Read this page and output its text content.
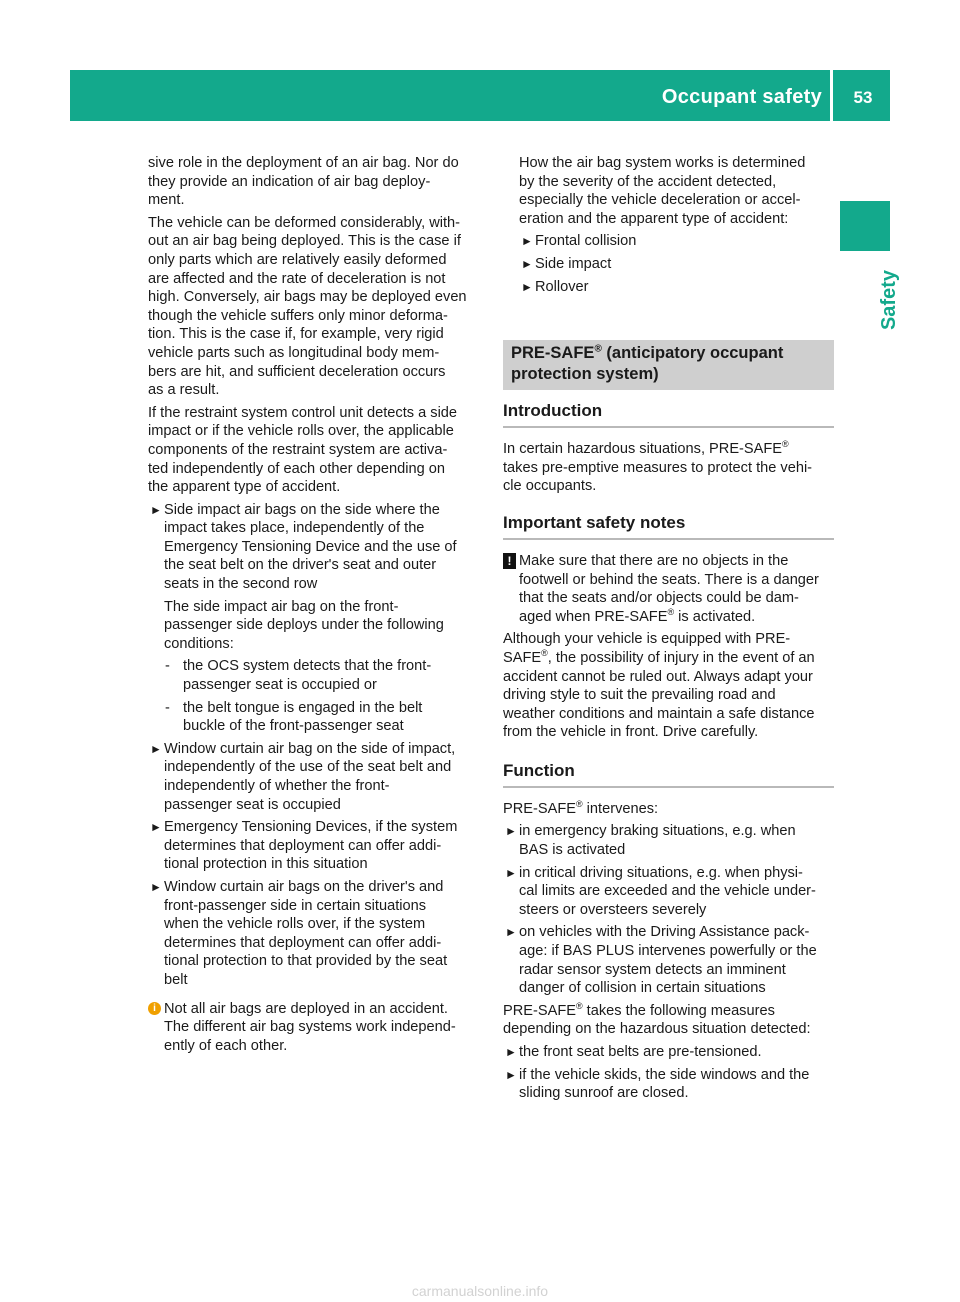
Occupant safety	53
Safety
sive role in the deployment of an air bag. Nor do
they provide an indication of air bag deploy-
ment.
The vehicle can be deformed considerably, with-
out an air bag being deployed. This is the case if
only parts which are relatively easily deformed
are affected and the rate of deceleration is not
high. Conversely, air bags may be deployed even
though the vehicle suffers only minor deforma-
tion. This is the case if, for example, very rigid
vehicle parts such as longitudinal body mem-
bers are hit, and sufficient deceleration occurs
as a result.
If the restraint system control unit detects a side
impact or if the vehicle rolls over, the applicable
components of the restraint system are activa-
ted independently of each other depending on
the apparent type of accident.
► Side impact air bags on the side where the
impact takes place, independently of the
Emergency Tensioning Device and the use of
the seat belt on the driver's seat and outer
seats in the second row
The side impact air bag on the front-
passenger side deploys under the following
conditions:
- the OCS system detects that the front-
passenger seat is occupied or
- the belt tongue is engaged in the belt
buckle of the front-passenger seat
► Window curtain air bag on the side of impact,
independently of the use of the seat belt and
independently of whether the front-
passenger seat is occupied
► Emergency Tensioning Devices, if the system
determines that deployment can offer addi-
tional protection in this situation
► Window curtain air bags on the driver's and
front-passenger side in certain situations
when the vehicle rolls over, if the system
determines that deployment can offer addi-
tional protection to that provided by the seat
belt
i Not all air bags are deployed in an accident.
The different air bag systems work independ-
ently of each other.
How the air bag system works is determined
by the severity of the accident detected,
especially the vehicle deceleration or accel-
eration and the apparent type of accident:
► Frontal collision
► Side impact
► Rollover
PRE-SAFE® (anticipatory occupant
protection system)
Introduction
In certain hazardous situations, PRE-SAFE®
takes pre-emptive measures to protect the vehi-
cle occupants.
Important safety notes
! Make sure that there are no objects in the
footwell or behind the seats. There is a danger
that the seats and/or objects could be dam-
aged when PRE-SAFE® is activated.
Although your vehicle is equipped with PRE-
SAFE®, the possibility of injury in the event of an
accident cannot be ruled out. Always adapt your
driving style to suit the prevailing road and
weather conditions and maintain a safe distance
from the vehicle in front. Drive carefully.
Function
PRE-SAFE® intervenes:
► in emergency braking situations, e.g. when
BAS is activated
► in critical driving situations, e.g. when physi-
cal limits are exceeded and the vehicle under-
steers or oversteers severely
► on vehicles with the Driving Assistance pack-
age: if BAS PLUS intervenes powerfully or the
radar sensor system detects an imminent
danger of collision in certain situations
PRE-SAFE® takes the following measures
depending on the hazardous situation detected:
► the front seat belts are pre-tensioned.
► if the vehicle skids, the side windows and the
sliding sunroof are closed.
carmanualsonline.info
